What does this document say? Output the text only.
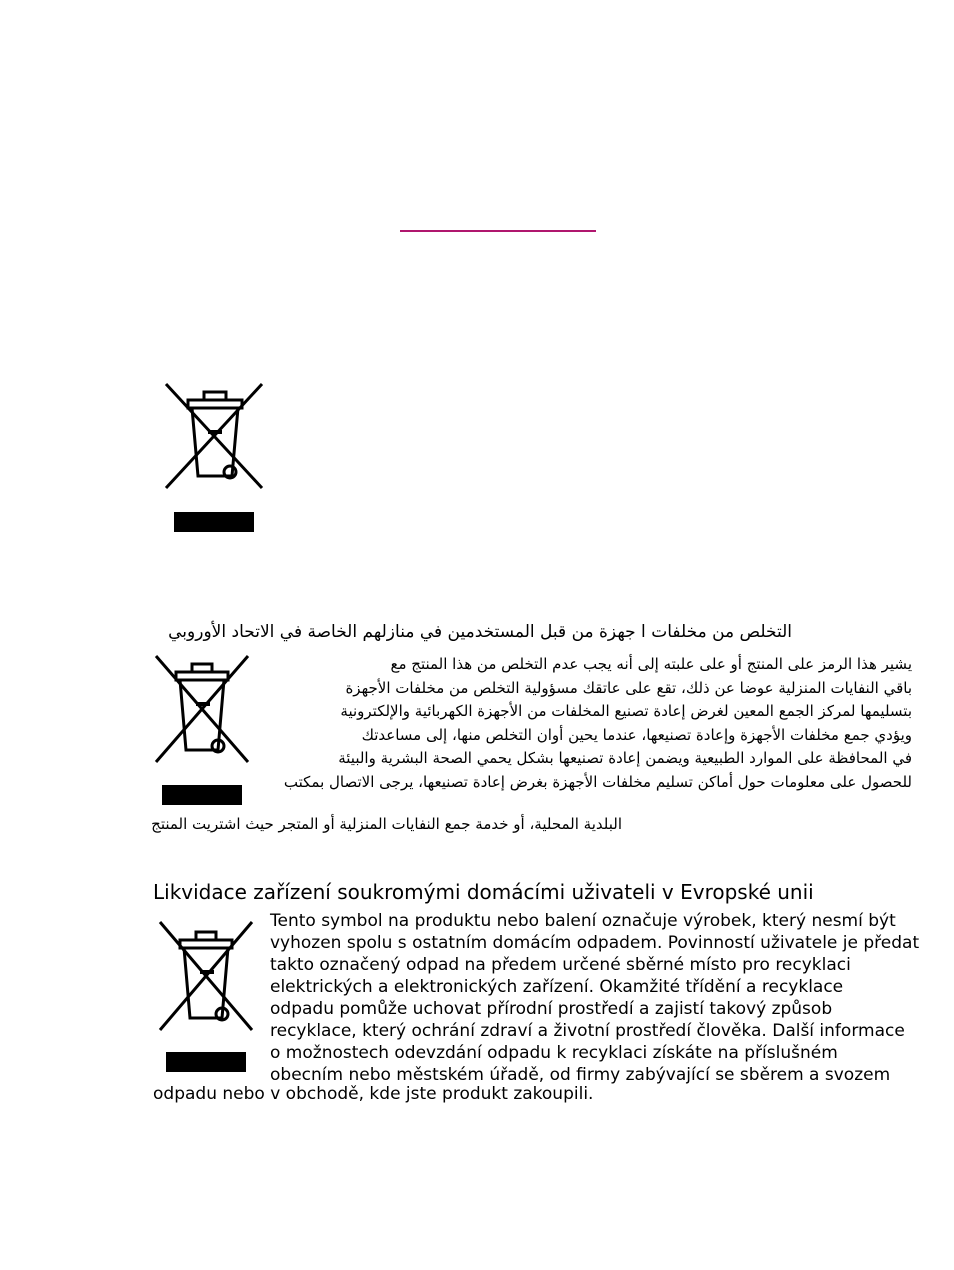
التخلص من مخلفات ا جهزة من قبل المستخدمين في منازلهم الخاصة في الاتحاد الأوروبي
يشير هذا الرمز على المنتج أو على علبته إلى أنه يجب عدم التخلص من هذا المنتج مع
باقي النفايات المنزلية عوضا عن ذلك، تقع على عاتقك مسؤولية التخلص من مخلفات الأجهزة
بتسليمها لمركز الجمع المعين لغرض إعادة تصنيع المخلفات من الأجهزة الكهربائية والإلكترونية
ويؤدي جمع مخلفات الأجهزة وإعادة تصنيعها، عندما يحين أوان التخلص منها، إلى مساعدتك
في المحافظة على الموارد الطبيعية ويضمن إعادة تصنيعها بشكل يحمي الصحة البشرية والبيئة
للحصول على معلومات حول أماكن تسليم مخلفات الأجهزة بغرض إعادة تصنيعها، يرجى الاتصال بمكتب
البلدية المحلية، أو خدمة جمع النفايات المنزلية أو المتجر حيث اشتريت المنتج
Likvidace zařízení soukromými domácími uživateli v Evropské unii
Tento symbol na produktu nebo balení označuje výrobek, který nesmí být
vyhozen spolu s ostatním domácím odpadem. Povinností uživatele je předat
takto označený odpad na předem určené sběrné místo pro recyklaci
elektrických a elektronických zařízení. Okamžité třídění a recyklace
odpadu pomůže uchovat přírodní prostředí a zajistí takový způsob
recyklace, který ochrání zdraví a životní prostředí člověka. Další informace
o možnostech odevzdání odpadu k recyklaci získáte na příslušném
obecním nebo městském úřadě, od firmy zabývající se sběrem a svozem
odpadu nebo v obchodě, kde jste produkt zakoupili.
